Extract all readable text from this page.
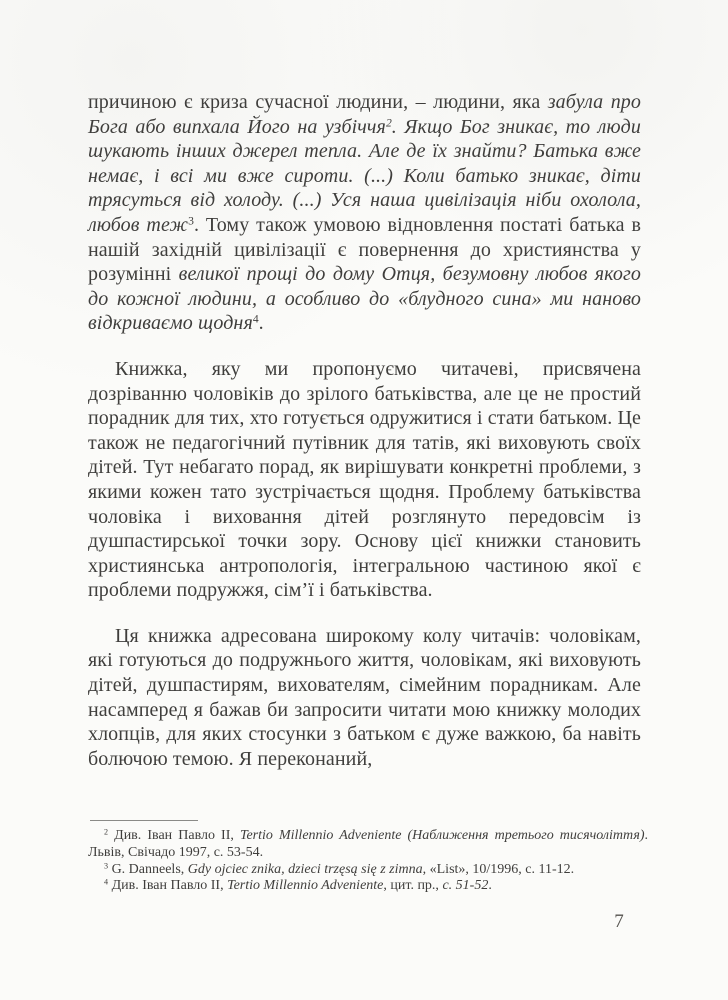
причиною є криза сучасної людини, – людини, яка забула про Бога або випхала Його на узбіччя$^2$. Якщо Бог зникає, то люди шукають інших джерел тепла. Але де їх знайти? Батька вже немає, і всі ми вже сироти. (...) Коли батько зникає, діти трясуться від холоду. (...) Уся наша цивілізація ніби охолола, любов теж$^3$. Тому також умовою відновлення постаті батька в нашій західній цивілізації є повернення до християнства у розумінні великої прощі до дому Отця, безумовну любов якого до кожної людини, а особливо до «блудного сина» ми наново відкриваємо щодня$^4$.

Книжка, яку ми пропонуємо читачеві, присвячена дозріванню чоловіків до зрілого батьківства, але це не простий порадник для тих, хто готується одружитися і стати батьком. Це також не педагогічний путівник для татів, які виховують своїх дітей. Тут небагато порад, як вирішувати конкретні проблеми, з якими кожен тато зустрічається щодня. Проблему батьківства чоловіка і виховання дітей розглянуто передовсім із душпастирської точки зору. Основу цієї книжки становить християнська антропологія, інтегральною частиною якої є проблеми подружжя, сім’ї і батьківства.

Ця книжка адресована широкому колу читачів: чоловікам, які готуються до подружнього життя, чоловікам, які виховують дітей, душпастирям, вихователям, сімейним порадникам. Але насамперед я бажав би запросити читати мою книжку молодих хлопців, для яких стосунки з батьком є дуже важкою, ба навіть болючою темою. Я переконаний,

$^2$ Див. Іван Павло II, Tertio Millennio Adveniente (Наближення третього тисячоліття). Львів, Свічадо 1997, с. 53-54.

$^3$ G. Danneels, Gdy ojciec znika, dzieci trzęsą się z zimna, «List», 10/1996, с. 11-12.

$^4$ Див. Іван Павло II, Tertio Millennio Adveniente, цит. пр., с. 51-52.

7
